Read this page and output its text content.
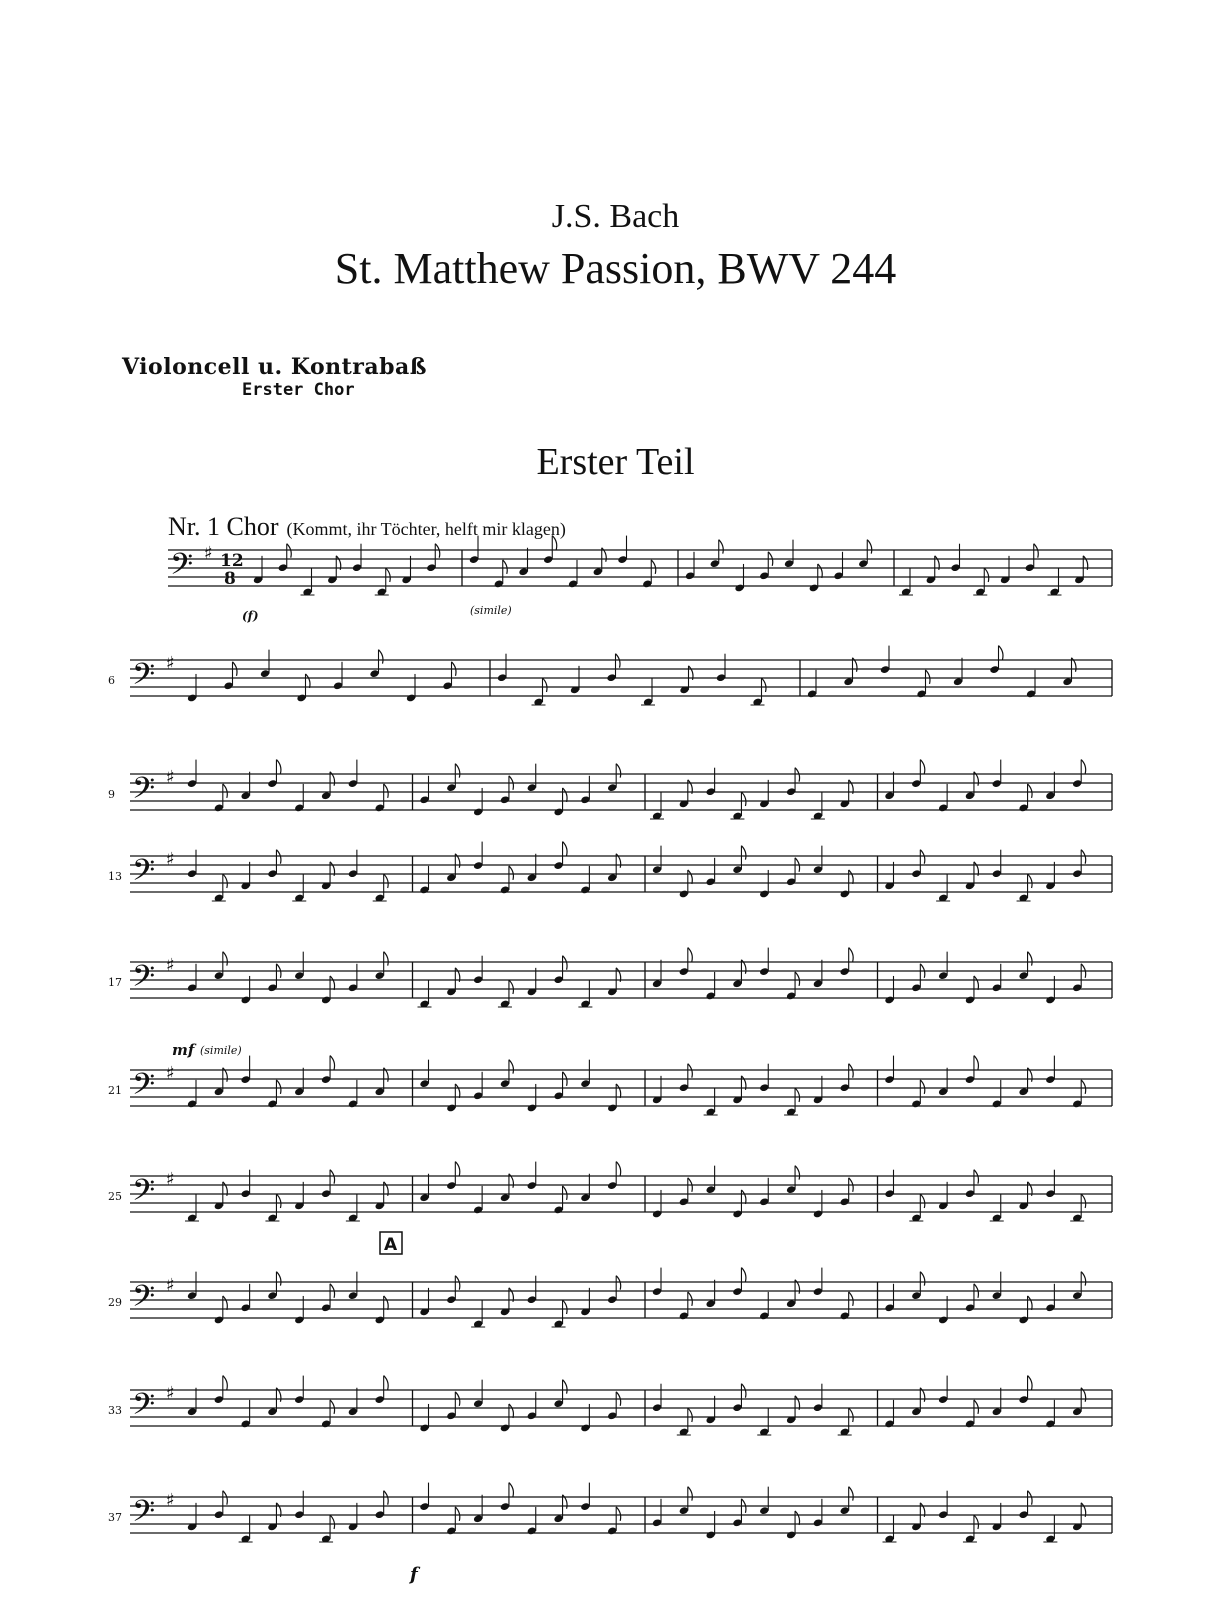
J.S. Bach
St. Matthew Passion, BWV 244
Violoncell u. Kontrabaß
Erster Chor
Erster Teil
Nr. 1 Chor (Kommt, ihr Töchter, helft mir klagen)
𝄢 ♯ 12
8
6 𝄢 ♯
9 𝄢 ♯
13 𝄢 ♯
17 𝄢 ♯
21 𝄢 ♯
25 𝄢 ♯
29 𝄢 ♯
33 𝄢 ♯
37 𝄢 ♯
(f)	(simile)
mf (simile)
f
A
